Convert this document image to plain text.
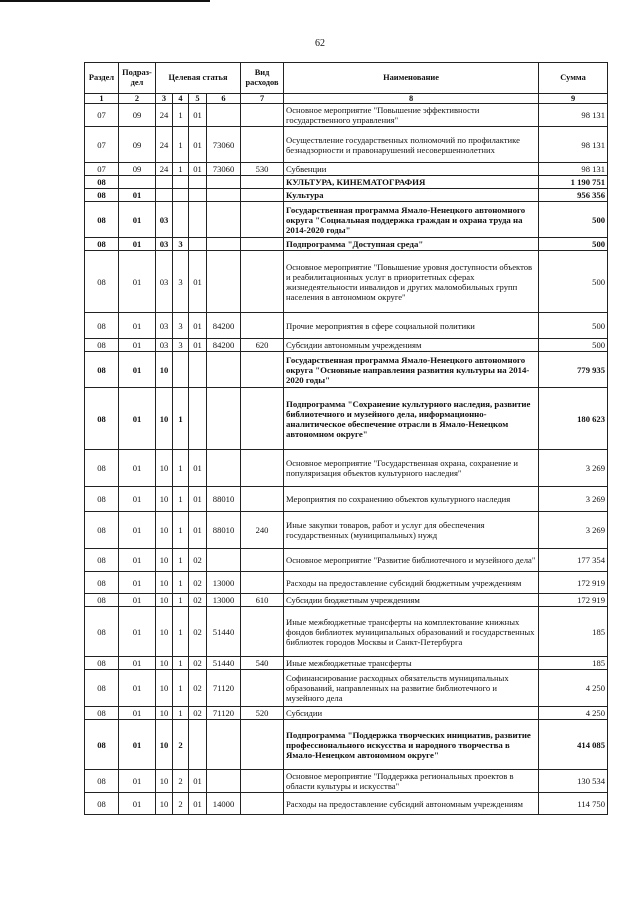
62
Раздел	Подраз-дел	Целевая статья				Вид расходов	Наименование	Сумма
1	2	3	4	5	6	7	8	9
07	09	24	1	01			Основное мероприятие "Повышение эффективности государственного управления"	98 131
07	09	24	1	01	73060		Осуществление государственных полномочий по профилактике безнадзорности и правонарушений несовершеннолетних	98 131
07	09	24	1	01	73060	530	Субвенции	98 131
08							КУЛЬТУРА, КИНЕМАТОГРАФИЯ	1 190 751
08	01						Культура	956 356
08	01	03					Государственная программа Ямало-Ненецкого автономного округа "Социальная поддержка граждан и охрана труда на 2014-2020 годы"	500
08	01	03	3				Подпрограмма "Доступная среда"	500
08	01	03	3	01			Основное мероприятие "Повышение уровня доступности объектов и реабилитационных услуг в приоритетных сферах жизнедеятельности инвалидов и других маломобильных групп населения в автономном округе"	500
08	01	03	3	01	84200		Прочие мероприятия в сфере социальной политики	500
08	01	03	3	01	84200	620	Субсидии автономным учреждениям	500
08	01	10					Государственная программа Ямало-Ненецкого автономного округа "Основные направления развития культуры на 2014-2020 годы"	779 935
08	01	10	1				Подпрограмма "Сохранение культурного наследия, развитие библиотечного и музейного дела, информационно-аналитическое обеспечение отрасли в Ямало-Ненецком автономном округе"	180 623
08	01	10	1	01			Основное мероприятие "Государственная охрана, сохранение и популяризация объектов культурного наследия"	3 269
08	01	10	1	01	88010		Мероприятия по сохранению объектов культурного наследия	3 269
08	01	10	1	01	88010	240	Иные закупки товаров, работ и услуг для обеспечения государственных (муниципальных) нужд	3 269
08	01	10	1	02			Основное мероприятие "Развитие библиотечного и музейного дела"	177 354
08	01	10	1	02	13000		Расходы на предоставление субсидий бюджетным учреждениям	172 919
08	01	10	1	02	13000	610	Субсидии бюджетным учреждениям	172 919
08	01	10	1	02	51440		Иные межбюджетные трансферты на комплектование книжных фондов библиотек муниципальных образований и государственных библиотек городов Москвы и Санкт-Петербурга	185
08	01	10	1	02	51440	540	Иные межбюджетные трансферты	185
08	01	10	1	02	71120		Софинансирование расходных обязательств муниципальных образований, направленных на развитие библиотечного и музейного дела	4 250
08	01	10	1	02	71120	520	Субсидии	4 250
08	01	10	2				Подпрограмма "Поддержка творческих инициатив, развитие профессионального искусства и народного творчества в Ямало-Ненецком автономном округе"	414 085
08	01	10	2	01			Основное мероприятие "Поддержка региональных проектов в области культуры и искусства"	130 534
08	01	10	2	01	14000		Расходы на предоставление субсидий автономным учреждениям	114 750
